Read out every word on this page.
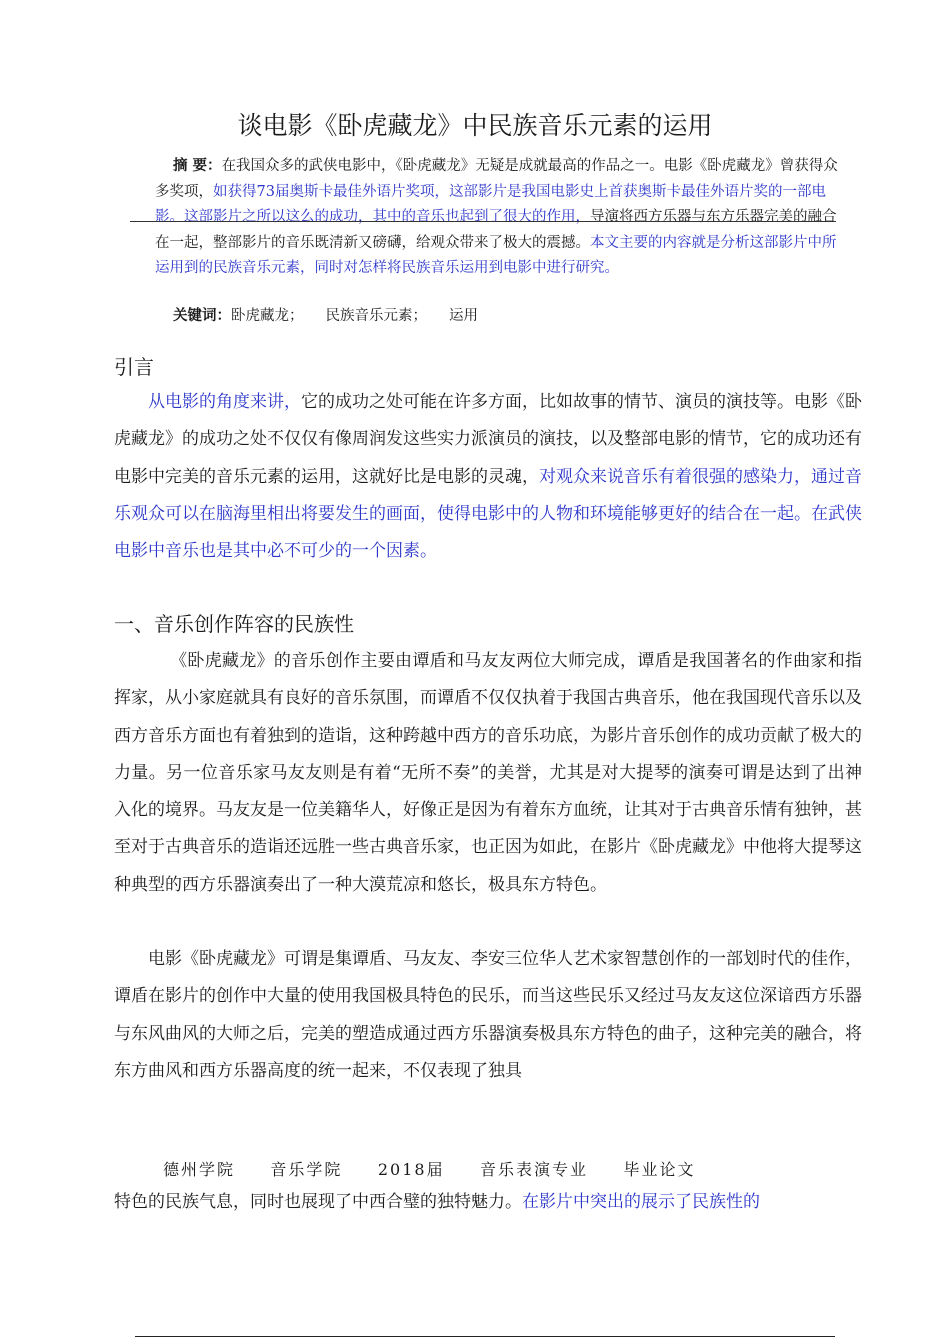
谈电影《卧虎藏龙》中民族音乐元素的运用
摘 要：在我国众多的武侠电影中，《卧虎藏龙》无疑是成就最高的作品之一。电影《卧虎藏龙》曾获得众多奖项，如获得73届奥斯卡最佳外语片奖项，这部影片是我国电影史上首获奥斯卡最佳外语片奖的一部电影。这部影片之所以这么的成功，其中的音乐也起到了很大的作用，导演将西方乐器与东方乐器完美的融合在一起，整部影片的音乐既清新又磅礴，给观众带来了极大的震撼。本文主要的内容就是分析这部影片中所运用到的民族音乐元素，同时对怎样将民族音乐运用到电影中进行研究。
关键词：卧虎藏龙； 民族音乐元素； 运用
引言
从电影的角度来讲，它的成功之处可能在许多方面，比如故事的情节、演员的演技等。电影《卧虎藏龙》的成功之处不仅仅有像周润发这些实力派演员的演技，以及整部电影的情节，它的成功还有电影中完美的音乐元素的运用，这就好比是电影的灵魂，对观众来说音乐有着很强的感染力，通过音乐观众可以在脑海里相出将要发生的画面，使得电影中的人物和环境能够更好的结合在一起。在武侠电影中音乐也是其中必不可少的一个因素。
一、音乐创作阵容的民族性
《卧虎藏龙》的音乐创作主要由谭盾和马友友两位大师完成，谭盾是我国著名的作曲家和指挥家，从小家庭就具有良好的音乐氛围，而谭盾不仅仅执着于我国古典音乐，他在我国现代音乐以及西方音乐方面也有着独到的造诣，这种跨越中西方的音乐功底，为影片音乐创作的成功贡献了极大的力量。另一位音乐家马友友则是有着“无所不奏”的美誉，尤其是对大提琴的演奏可谓是达到了出神入化的境界。马友友是一位美籍华人，好像正是因为有着东方血统，让其对于古典音乐情有独钟，甚至对于古典音乐的造诣还远胜一些古典音乐家，也正因为如此，在影片《卧虎藏龙》中他将大提琴这种典型的西方乐器演奏出了一种大漠荒凉和悠长，极具东方特色。
电影《卧虎藏龙》可谓是集谭盾、马友友、李安三位华人艺术家智慧创作的一部划时代的佳作，谭盾在影片的创作中大量的使用我国极具特色的民乐，而当这些民乐又经过马友友这位深谙西方乐器与东风曲风的大师之后，完美的塑造成通过西方乐器演奏极具东方特色的曲子，这种完美的融合，将东方曲风和西方乐器高度的统一起来，不仅表现了独具
德州学院     音乐学院     2018届     音乐表演专业     毕业论文
特色的民族气息，同时也展现了中西合璧的独特魅力。在影片中突出的展示了民族性的
